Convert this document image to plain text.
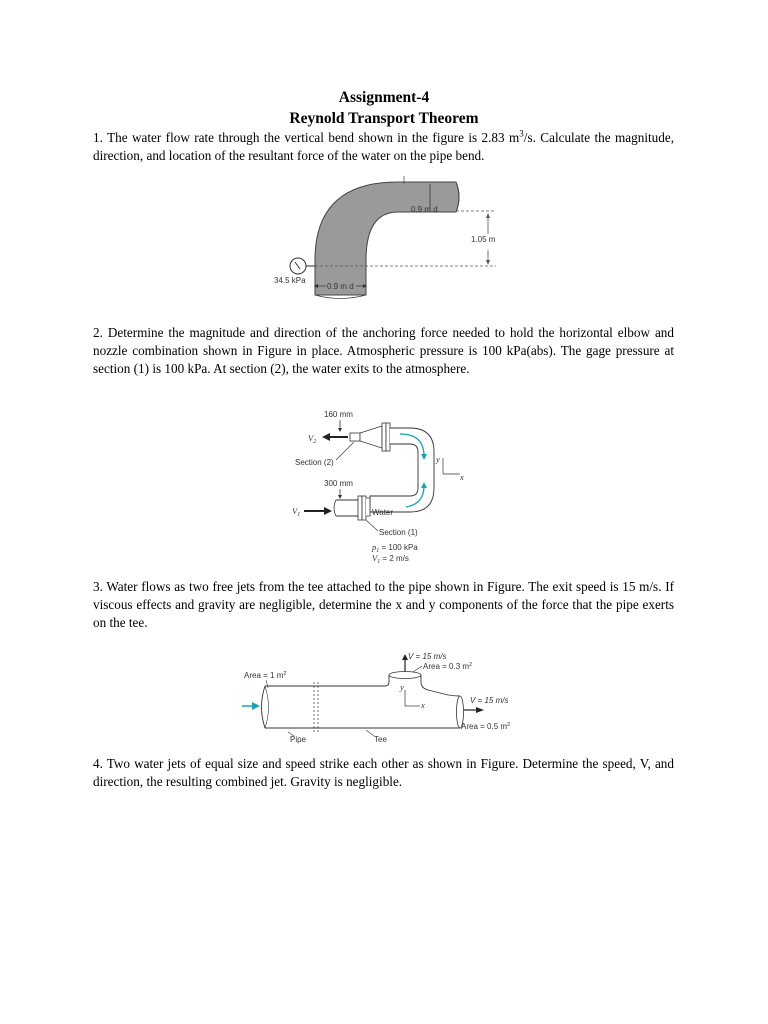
Assignment-4
Reynold Transport Theorem
1. The water flow rate through the vertical bend shown in the figure is 2.83 $m^3/s$. Calculate the magnitude, direction, and location of the resultant force of the water on the pipe bend.
1.05 m
0.9 m d
34.5 kPa
0.9 m d
2. Determine the magnitude and direction of the anchoring force needed to hold the horizontal elbow and nozzle combination shown in Figure in place. Atmospheric pressure is 100 kPa(abs). The gage pressure at section (1) is 100 kPa. At section (2), the water exits to the atmosphere.
160 mm
$V_2$
Section (2)
300 mm
$V_1$	Water
Section (1)
$p_1 = 100$ kPa
$V_1 = 2$ m/s
y
x
3. Water flows as two free jets from the tee attached to the pipe shown in Figure. The exit speed is 15 m/s. If viscous effects and gravity are negligible, determine the x and y components of the force that the pipe exerts on the tee.
V = 15 m/s
Area = 0.3 $m^2$
V = 15 m/s
Area = 0.5 $m^2$
Area = 1 $m^2$
y
x
Pipe	Tee
4. Two water jets of equal size and speed strike each other as shown in Figure. Determine the speed, V, and direction, the resulting combined jet. Gravity is negligible.
